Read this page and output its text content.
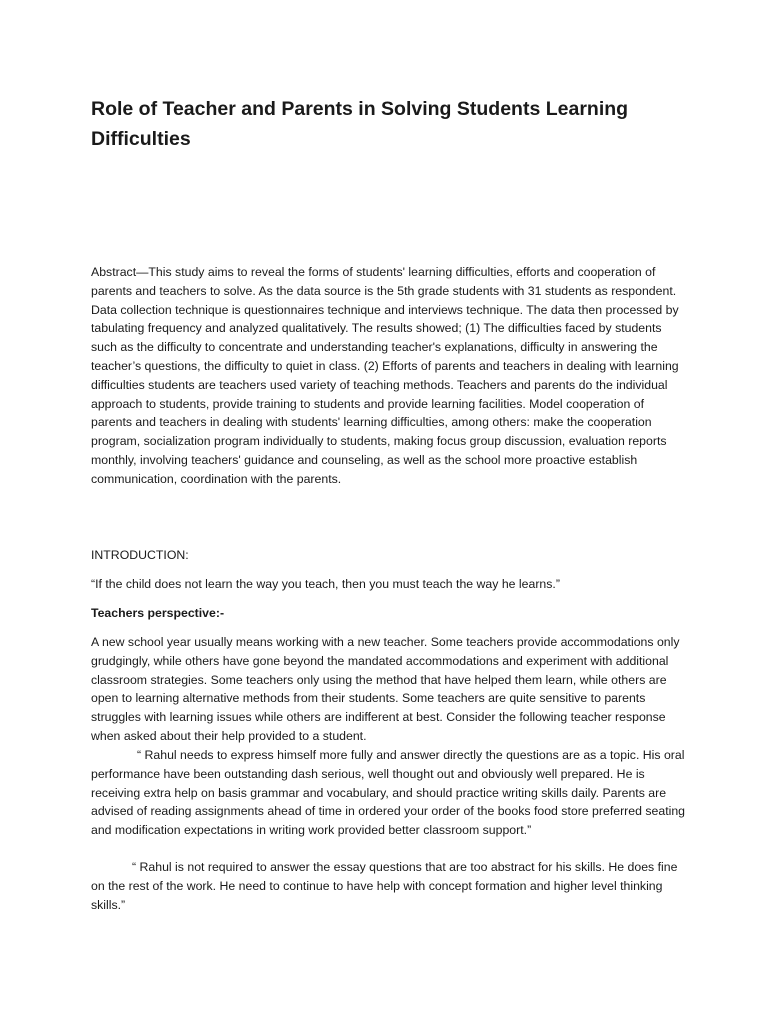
Role of Teacher and Parents in Solving Students Learning Difficulties

Abstract—This study aims to reveal the forms of students' learning difficulties, efforts and cooperation of parents and teachers to solve. As the data source is the 5th grade students with 31 students as respondent. Data collection technique is questionnaires technique and interviews technique. The data then processed by tabulating frequency and analyzed qualitatively. The results showed; (1) The difficulties faced by students such as the difficulty to concentrate and understanding teacher's explanations, difficulty in answering the teacher’s questions, the difficulty to quiet in class. (2) Efforts of parents and teachers in dealing with learning difficulties students are teachers used variety of teaching methods. Teachers and parents do the individual approach to students, provide training to students and provide learning facilities. Model cooperation of parents and teachers in dealing with students' learning difficulties, among others: make the cooperation program, socialization program individually to students, making focus group discussion, evaluation reports monthly, involving teachers' guidance and counseling, as well as the school more proactive establish communication, coordination with the parents.

INTRODUCTION:

“If the child does not learn the way you teach, then you must teach the way he learns.”

Teachers perspective:-

A new school year usually means working with a new teacher. Some teachers provide accommodations only grudgingly, while others have gone beyond the mandated accommodations and experiment with additional classroom strategies. Some teachers only using the method that have helped them learn, while others are open to learning alternative methods from their students. Some teachers are quite sensitive to parents struggles with learning issues while others are indifferent at best. Consider the following teacher response when asked about their help provided to a student.

“ Rahul needs to express himself more fully and answer directly the questions are as a topic. His oral performance have been outstanding dash serious, well thought out and obviously well prepared. He is receiving extra help on basis grammar and vocabulary, and should practice writing skills daily. Parents are advised of reading assignments ahead of time in ordered your order of the books food store preferred seating and modification expectations in writing work provided better classroom support.”

“ Rahul is not required to answer the essay questions that are too abstract for his skills. He does fine on the rest of the work. He need to continue to have help with concept formation and higher level thinking skills.”
